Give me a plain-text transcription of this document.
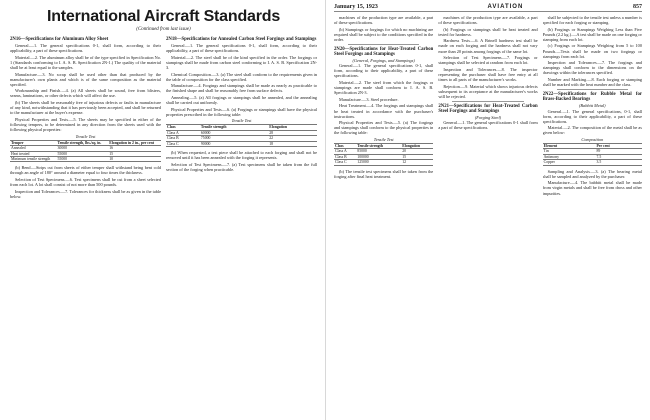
International Aircraft Standards
(Continued from last issue)
2N16—Specifications for Aluminum Alloy Sheet

General.—1. The general specifications 0-1, shall form, according to their applicability, a part of these specifications.

Material.—2. The aluminum alloy shall be of the type specified in Specification No. 1 (Standards conforming to I. A. S. B. Specification 2N-1.) The quality of the material shall be at least equal to the samples.

Manufacture.—3. No scrap shall be used other than that produced by the manufacturer's own plants and which is of the same composition as the material specified.

Workmanship and Finish.—4. (a) All sheets shall be sound, free from blisters, seams, laminations, or other defects which will affect the use.

(b) The sheets shall be reasonably free of injurious defects or faults in manufacture of any kind, notwithstanding that it has previously been accepted, and shall be returned to the manufacturer at the buyer's expense.

Physical Properties and Tests.—5. The sheets may be specified in either of the following tempers, to be determined in any direction from the sheets used with the following physical properties:

Tensile Test
Temper	Tensile strength, lbs./sq. in.	Elongation in 2 in., per cent
Annealed	30000	16
Heat treated	55000	15
Minimum tensile strength	55000	10

(b) Bend.—Strips cut from sheets of either temper shall withstand being bent cold through an angle of 180° around a diameter equal to four times the thickness.

Selection of Test Specimens.—6. Test specimens shall be cut from a sheet selected from each lot. A lot shall consist of not more than 500 pounds.

Inspection and Tolerances.—7. Tolerances for thickness shall be as given in the table below.

2N18—Specifications for Annealed Carbon Steel Forgings and Stampings

General.—1. The general specifications 0-1, shall form, according to their applicability, a part of these specifications.

Material.—2. The steel shall be of the kind specified in the order. The forgings or stampings shall be made from carbon steel conforming to I. A. S. B. Specification 2N-3.

Chemical Composition.—3. (a) The steel shall conform to the requirements given in the table of composition for the class specified.

Manufacture.—4. Forgings and stampings shall be made as nearly as practicable to the finished shape and shall be reasonably free from surface defects.

Annealing.—5. (a) All forgings or stampings shall be annealed, and the annealing shall be carried out uniformly.

Physical Properties and Tests.—6. (a) Forgings or stampings shall have the physical properties prescribed in the following table:

Tensile Test
Class	Tensile strength	Elongation
Class A	60000	28
Class B	75000	22
Class C	90000	18

(b) When requested, a test piece shall be attached to each forging and shall not be removed until it has been annealed with the forging it represents.

Selection of Test Specimens.—7. (a) Test specimens shall be taken from the full section of the forging when practicable.

January 15, 1923	AVIATION	857

machines of the production type are available, a part of these specifications.

(b) Stampings or forgings for which no machining are required shall be subject to the conditions specified in the order.

2N20—Specifications for Heat-Treated Carbon Steel Forgings and Stampings
(General, Forgings, and Stampings)

General.—1. The general specifications 0-1, shall form, according to their applicability, a part of these specifications.

Material.—2. The steel from which the forgings or stampings are made shall conform to I. A. S. B. Specification 2N-3.

Manufacture.—3. Steel procedure.

Heat Treatment.—4. The forgings and stampings shall be heat treated in accordance with the purchaser's instructions.

Physical Properties and Tests.—5. (a) The forgings and stampings shall conform to the physical properties in the following table:

Tensile Test
Class	Tensile strength	Elongation
Class A	85000	20
Class B	100000	15
Class C	125000	12

(b) The tensile test specimens shall be taken from the forging after final heat treatment.

machines of the production type are available, a part of these specifications.

(b) Forgings or stampings shall be heat treated and tested for hardness.

Hardness Tests.—6. A Brinell hardness test shall be made on each forging and the hardness shall not vary more than 20 points among forgings of the same lot.

Selection of Test Specimens.—7. Forgings or stampings shall be selected at random from each lot.

Inspection and Tolerances.—8. The inspector representing the purchaser shall have free entry at all times to all parts of the manufacturer's works.

Rejection.—9. Material which shows injurious defects subsequent to its acceptance at the manufacturer's works will be rejected.

2N21—Specifications for Heat-Treated Carbon Steel Forgings and Stampings
(Forging Steel)

General.—1. The general specifications 0-1 shall form a part of these specifications.

shall be subjected to the tensile test unless a number is specified for each forging or stamping.

(b) Forgings or Stampings Weighing Less than Five Pounds (2.2 kg.).—A test shall be made on one forging or stamping from each lot.

(c) Forgings or Stampings Weighing from 5 to 100 Pounds.—Tests shall be made on two forgings or stampings from each lot.

Inspection and Tolerances.—7. The forgings and stampings shall conform to the dimensions on the drawings within the tolerances specified.

Number and Marking.—8. Each forging or stamping shall be marked with the heat number and the class.

2N22—Specifications for Rubble Metal for Brass-Backed Bearings
(Babbitt Metal)

General.—1. The general specifications, 0-1, shall form, according to their applicability, a part of these specifications.

Material.—2. The composition of the metal shall be as given below:

Composition
Element	Per cent
Tin	89
Antimony	7.5
Copper	3.5

Sampling and Analysis.—3. (a) The bearing metal shall be sampled and analyzed by the purchaser.

Manufacture.—4. The babbitt metal shall be made from virgin metals and shall be free from dross and other impurities.
